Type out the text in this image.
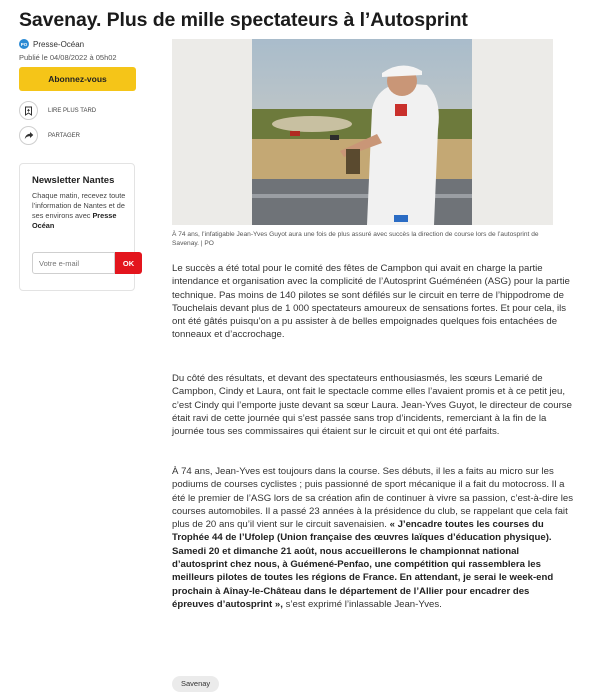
Savenay. Plus de mille spectateurs à l’Autosprint
PO Presse-Océan
Publié le 04/08/2022 à 05h02
Abonnez-vous
LIRE PLUS TARD
PARTAGER
Newsletter Nantes
Chaque matin, recevez toute l’information de Nantes et de ses environs avec Presse Océan
Votre e-mail
OK
À 74 ans, l’infatigable Jean-Yves Guyot aura une fois de plus assuré avec succès la direction de course lors de l’autosprint de Savenay. | PO

Le succès a été total pour le comité des fêtes de Campbon qui avait en charge la partie intendance et organisation avec la complicité de l’Autosprint Guéménéen (ASG) pour la partie technique. Pas moins de 140 pilotes se sont défilés sur le circuit en terre de l’hippodrome de Touchelais devant plus de 1 000 spectateurs amoureux de sensations fortes. Et pour cela, ils ont été gâtés puisqu’on a pu assister à de belles empoignades quelques fois entachées de tonneaux et d’accrochage.

Du côté des résultats, et devant des spectateurs enthousiasmés, les sœurs Lemarié de Campbon, Cindy et Laura, ont fait le spectacle comme elles l’avaient promis et à ce petit jeu, c’est Cindy qui l’emporte juste devant sa sœur Laura. Jean-Yves Guyot, le directeur de course était ravi de cette journée qui s’est passée sans trop d’incidents, remerciant à la fin de la journée tous ses commissaires qui étaient sur le circuit et qui ont été parfaits.

À 74 ans, Jean-Yves est toujours dans la course. Ses débuts, il les a faits au micro sur les podiums de courses cyclistes ; puis passionné de sport mécanique il a fait du motocross. Il a été le premier de l’ASG lors de sa création afin de continuer à vivre sa passion, c’est-à-dire les courses automobiles. Il a passé 23 années à la présidence du club, se rappelant que cela fait plus de 20 ans qu’il vient sur le circuit savenaisien. « J’encadre toutes les courses du Trophée 44 de l’Ufolep (Union française des œuvres laïques d’éducation physique). Samedi 20 et dimanche 21 août, nous accueillerons le championnat national d’autosprint chez nous, à Guémené-Penfao, une compétition qui rassemblera les meilleurs pilotes de toutes les régions de France. En attendant, je serai le week-end prochain à Aînay-le-Château dans le département de l’Allier pour encadrer des épreuves d’autosprint », s’est exprimé l’inlassable Jean-Yves.

Savenay
